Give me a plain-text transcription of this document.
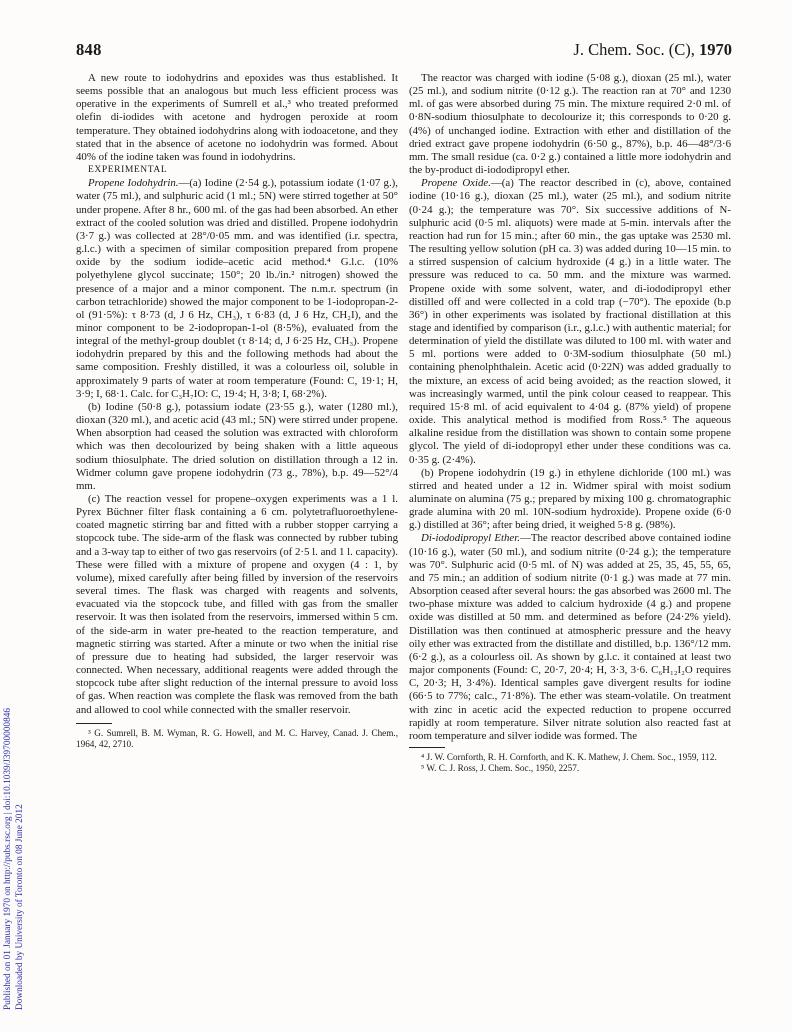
Published on 01 January 1970 on http://pubs.rsc.org | doi:10.1039/J39700000846 Downloaded by University of Toronto on 08 June 2012
848	J. Chem. Soc. (C), 1970

A new route to iodohydrins and epoxides was thus established. It seems possible that an analogous but much less efficient process was operative in the experiments of Sumrell et al.,³ who treated preformed olefin di-iodides with acetone and hydrogen peroxide at room temperature. They obtained iodohydrins along with iodoacetone, and they stated that in the absence of acetone no iodohydrin was formed. About 40% of the iodine taken was found in iodohydrins.

EXPERIMENTAL

Propene Iodohydrin.—(a) Iodine (2·54 g.), potassium iodate (1·07 g.), water (75 ml.), and sulphuric acid (1 ml.; 5N) were stirred together at 50° under propene. After 8 hr., 600 ml. of the gas had been absorbed. An ether extract of the cooled solution was dried and distilled. Propene iodohydrin (3·7 g.) was collected at 28°/0·05 mm. and was identified (i.r. spectra, g.l.c.) with a specimen of similar composition prepared from propene oxide by the sodium iodide–acetic acid method.⁴ G.l.c. (10% polyethylene glycol succinate; 150°; 20 lb./in.² nitrogen) showed the presence of a major and a minor component. The n.m.r. spectrum (in carbon tetrachloride) showed the major component to be 1-iodopropan-2-ol (91·5%): τ 8·73 (d, J 6 Hz, CH₃), τ 6·83 (d, J 6 Hz, CH₂I), and the minor component to be 2-iodopropan-1-ol (8·5%), evaluated from the integral of the methyl-group doublet (τ 8·14; d, J 6·25 Hz, CH₃). Propene iodohydrin prepared by this and the following methods had about the same composition. Freshly distilled, it was a colourless oil, soluble in approximately 9 parts of water at room temperature (Found: C, 19·1; H, 3·9; I, 68·1. Calc. for C₃H₇IO: C, 19·4; H, 3·8; I, 68·2%).

(b) Iodine (50·8 g.), potassium iodate (23·55 g.), water (1280 ml.), dioxan (320 ml.), and acetic acid (43 ml.; 5N) were stirred under propene. When absorption had ceased the solution was extracted with chloroform which was then decolourized by being shaken with a little aqueous sodium thiosulphate. The dried solution on distillation through a 12 in. Widmer column gave propene iodohydrin (73 g., 78%), b.p. 49—52°/4 mm.

(c) The reaction vessel for propene–oxygen experiments was a 1 l. Pyrex Büchner filter flask containing a 6 cm. polytetrafluoroethylene-coated magnetic stirring bar and fitted with a rubber stopper carrying a stopcock tube. The side-arm of the flask was connected by rubber tubing and a 3-way tap to either of two gas reservoirs (of 2·5 l. and 1 l. capacity). These were filled with a mixture of propene and oxygen (4 : 1, by volume), mixed carefully after being filled by inversion of the reservoirs several times. The flask was charged with reagents and solvents, evacuated via the stopcock tube, and filled with gas from the smaller reservoir. It was then isolated from the reservoirs, immersed within 5 cm. of the side-arm in water pre-heated to the reaction temperature, and magnetic stirring was started. After a minute or two when the initial rise of pressure due to heating had subsided, the larger reservoir was connected. When necessary, additional reagents were added through the stopcock tube after slight reduction of the internal pressure to avoid loss of gas. When reaction was complete the flask was removed from the bath and allowed to cool while connected with the smaller reservoir.

³ G. Sumrell, B. M. Wyman, R. G. Howell, and M. C. Harvey, Canad. J. Chem., 1964, 42, 2710.

The reactor was charged with iodine (5·08 g.), dioxan (25 ml.), water (25 ml.), and sodium nitrite (0·12 g.). The reaction ran at 70° and 1230 ml. of gas were absorbed during 75 min. The mixture required 2·0 ml. of 0·8N-sodium thiosulphate to decolourize it; this corresponds to 0·20 g. (4%) of unchanged iodine. Extraction with ether and distillation of the dried extract gave propene iodohydrin (6·50 g., 87%), b.p. 46—48°/3·6 mm. The small residue (ca. 0·2 g.) contained a little more iodohydrin and the by-product di-iododipropyl ether.

Propene Oxide.—(a) The reactor described in (c), above, contained iodine (10·16 g.), dioxan (25 ml.), water (25 ml.), and sodium nitrite (0·24 g.); the temperature was 70°. Six successive additions of N-sulphuric acid (0·5 ml. aliquots) were made at 5-min. intervals after the reaction had run for 15 min.; after 60 min., the gas uptake was 2530 ml. The resulting yellow solution (pH ca. 3) was added during 10—15 min. to a stirred suspension of calcium hydroxide (4 g.) in a little water. The pressure was reduced to ca. 50 mm. and the mixture was warmed. Propene oxide with some solvent, water, and di-iododipropyl ether distilled off and were collected in a cold trap (−70°). The epoxide (b.p 36°) in other experiments was isolated by fractional distillation at this stage and identified by comparison (i.r., g.l.c.) with authentic material; for determination of yield the distillate was diluted to 100 ml. with water and 5 ml. portions were added to 0·3M-sodium thiosulphate (50 ml.) containing phenolphthalein. Acetic acid (0·22N) was added gradually to the mixture, an excess of acid being avoided; as the reaction slowed, it was increasingly warmed, until the pink colour ceased to reappear. This required 15·8 ml. of acid equivalent to 4·04 g. (87% yield) of propene oxide. This analytical method is modified from Ross.⁵ The aqueous alkaline residue from the distillation was shown to contain some propene glycol. The yield of di-iodopropyl ether under these conditions was ca. 0·35 g. (2·4%).

(b) Propene iodohydrin (19 g.) in ethylene dichloride (100 ml.) was stirred and heated under a 12 in. Widmer spiral with moist sodium aluminate on alumina (75 g.; prepared by mixing 100 g. chromatographic grade alumina with 20 ml. 10N-sodium hydroxide). Propene oxide (6·0 g.) distilled at 36°; after being dried, it weighed 5·8 g. (98%).

Di-iododipropyl Ether.—The reactor described above contained iodine (10·16 g.), water (50 ml.), and sodium nitrite (0·24 g.); the temperature was 70°. Sulphuric acid (0·5 ml. of N) was added at 25, 35, 45, 55, 65, and 75 min.; an addition of sodium nitrite (0·1 g.) was made at 77 min. Absorption ceased after several hours: the gas absorbed was 2600 ml. The two-phase mixture was added to calcium hydroxide (4 g.) and propene oxide was distilled at 50 mm. and determined as before (24·2% yield). Distillation was then continued at atmospheric pressure and the heavy oily ether was extracted from the distillate and distilled, b.p. 136°/12 mm. (6·2 g.), as a colourless oil. As shown by g.l.c. it contained at least two major components (Found: C, 20·7, 20·4; H, 3·3, 3·6. C₆H₁₂I₂O requires C, 20·3; H, 3·4%). Identical samples gave divergent results for iodine (66·5 to 77%; calc., 71·8%). The ether was steam-volatile. On treatment with zinc in acetic acid the expected reduction to propene occurred rapidly at room temperature. Silver nitrate solution also reacted fast at room temperature and silver iodide was formed. The

⁴ J. W. Cornforth, R. H. Cornforth, and K. K. Mathew, J. Chem. Soc., 1959, 112.

⁵ W. C. J. Ross, J. Chem. Soc., 1950, 2257.
